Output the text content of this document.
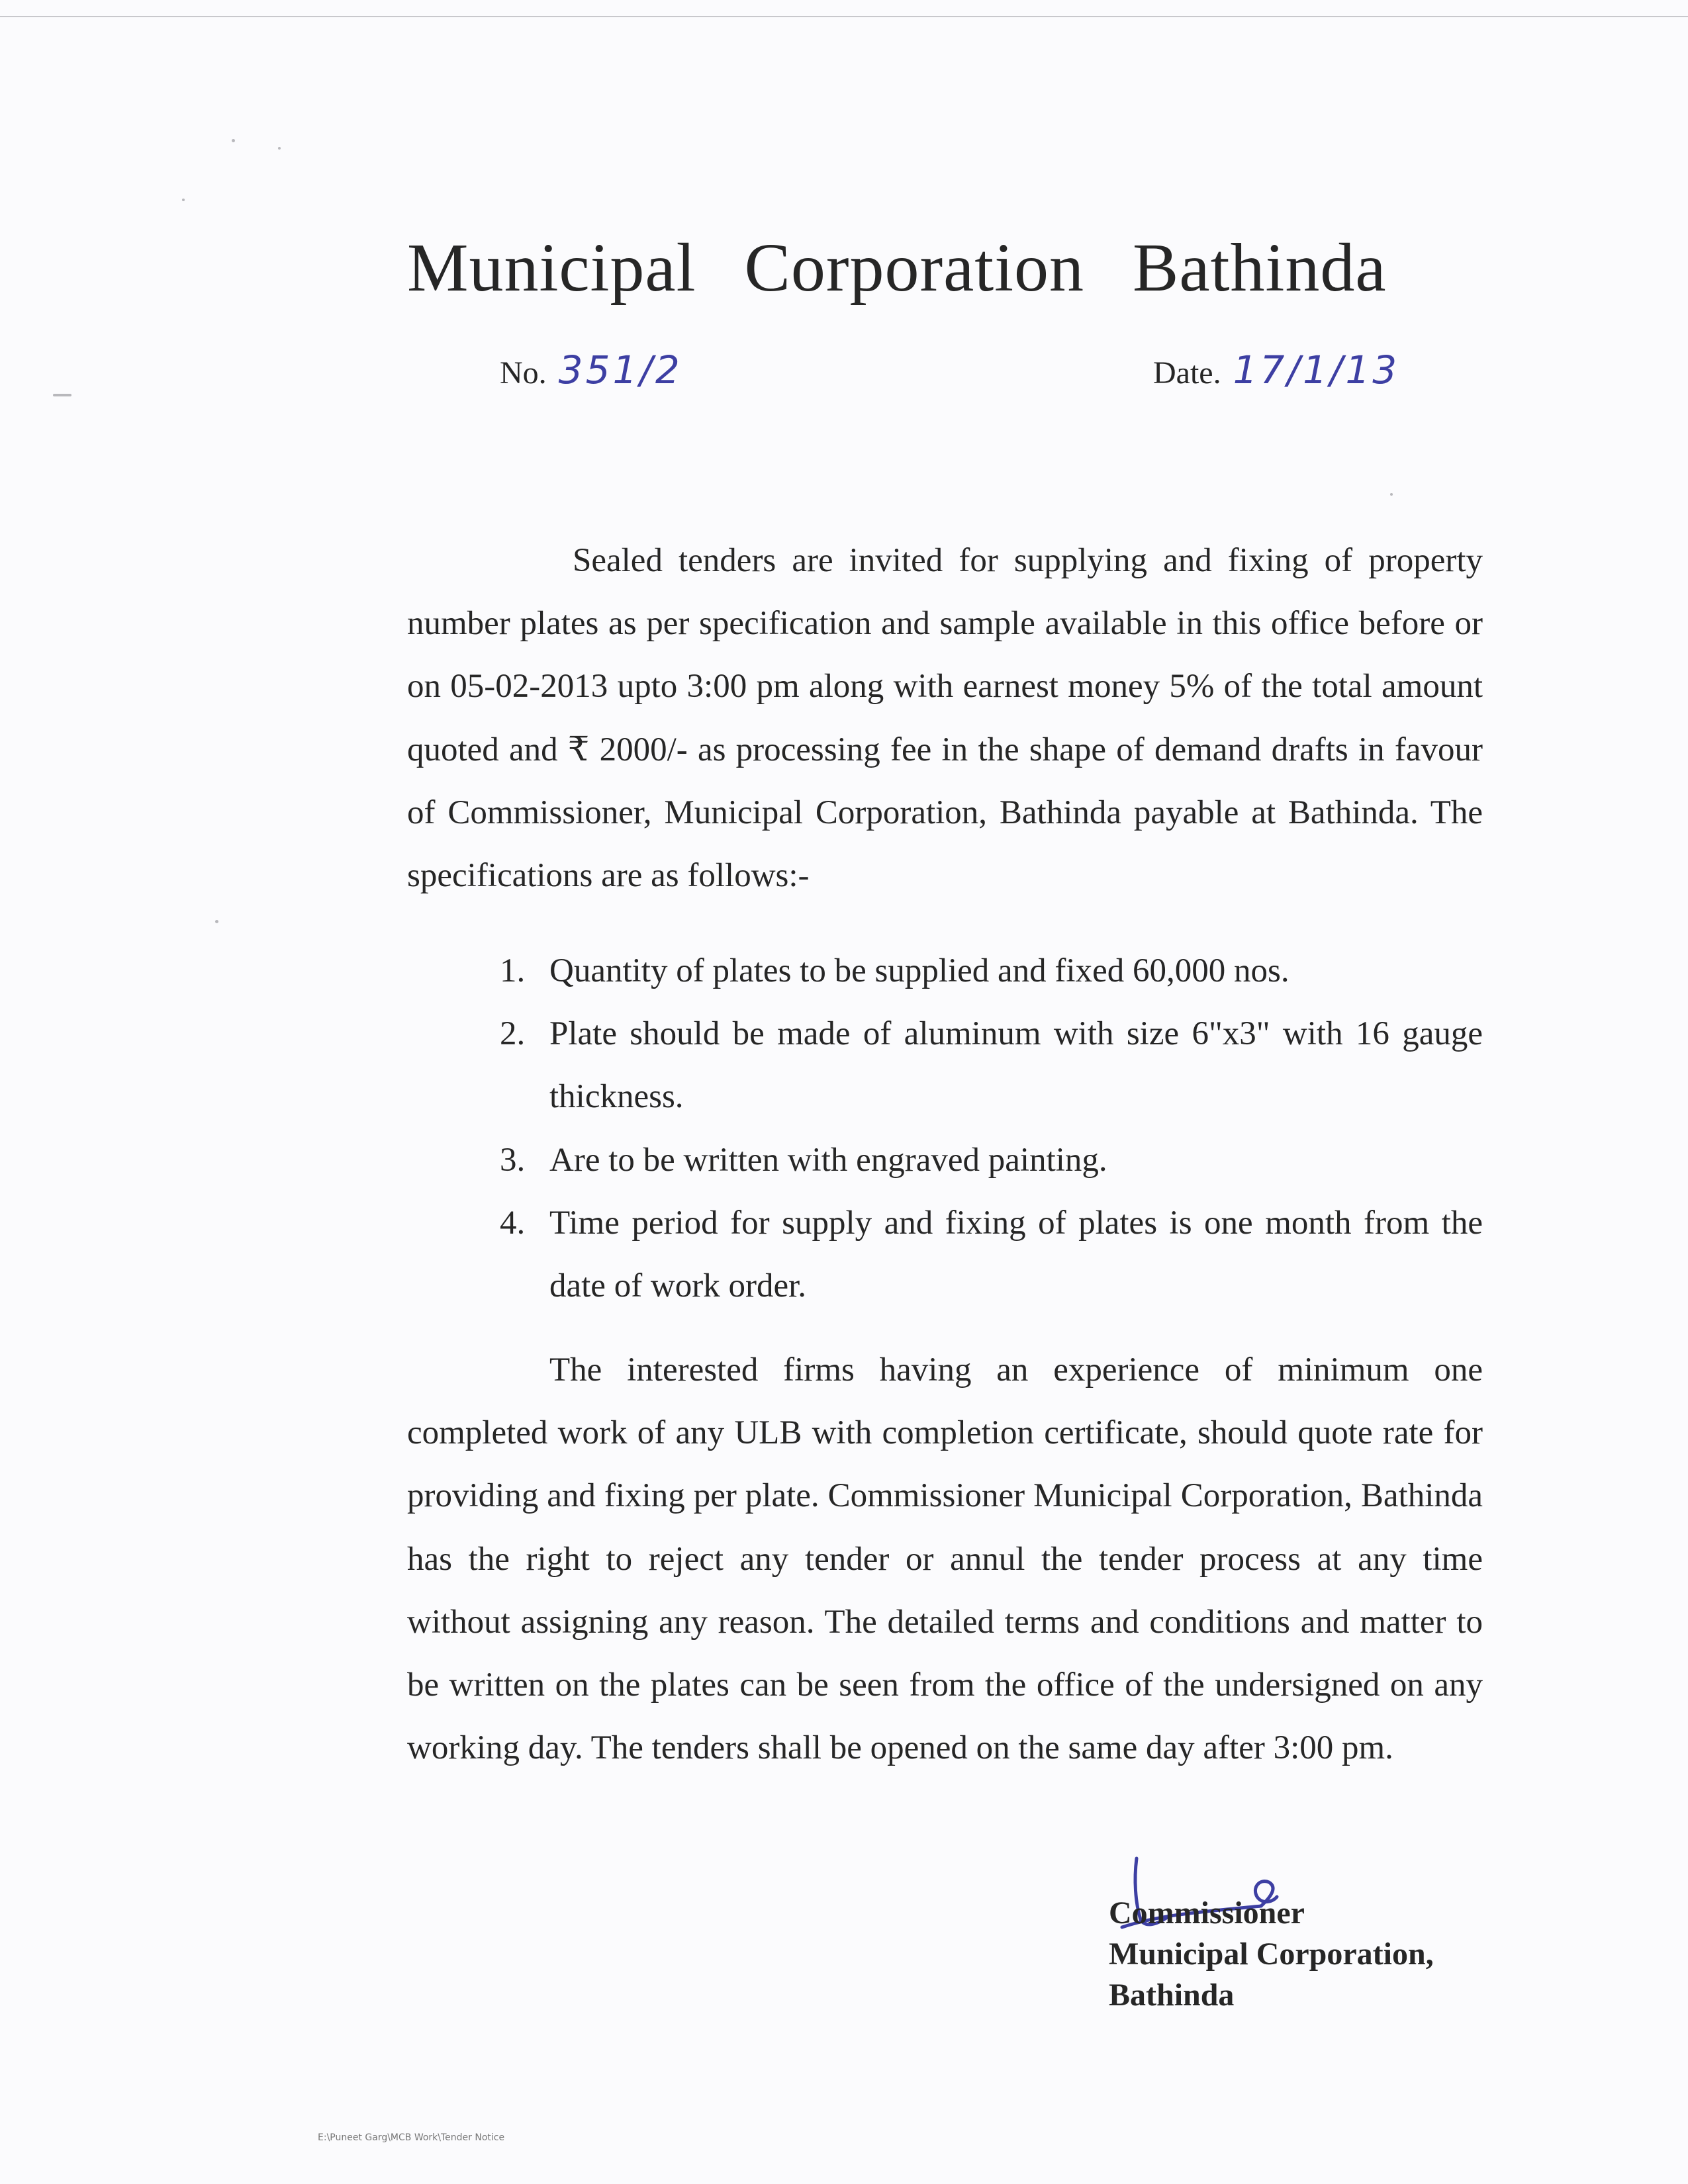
Municipal Corporation Bathinda
No. 351/2	Date. 17/1/13
Sealed tenders are invited for supplying and fixing of property number plates as per specification and sample available in this office before or on 05-02-2013 upto 3:00 pm along with earnest money 5% of the total amount quoted and ₹ 2000/- as processing fee in the shape of demand drafts in favour of Commissioner, Municipal Corporation, Bathinda payable at Bathinda. The specifications are as follows:-
1. Quantity of plates to be supplied and fixed 60,000 nos.
2. Plate should be made of aluminum with size 6"x3" with 16 gauge thickness.
3. Are to be written with engraved painting.
4. Time period for supply and fixing of plates is one month from the date of work order.
The interested firms having an experience of minimum one completed work of any ULB with completion certificate, should quote rate for providing and fixing per plate. Commissioner Municipal Corporation, Bathinda has the right to reject any tender or annul the tender process at any time without assigning any reason. The detailed terms and conditions and matter to be written on the plates can be seen from the office of the undersigned on any working day. The tenders shall be opened on the same day after 3:00 pm.
Commissioner
Municipal Corporation,
Bathinda
E:\Puneet Garg\MCB Work\Tender Notice
